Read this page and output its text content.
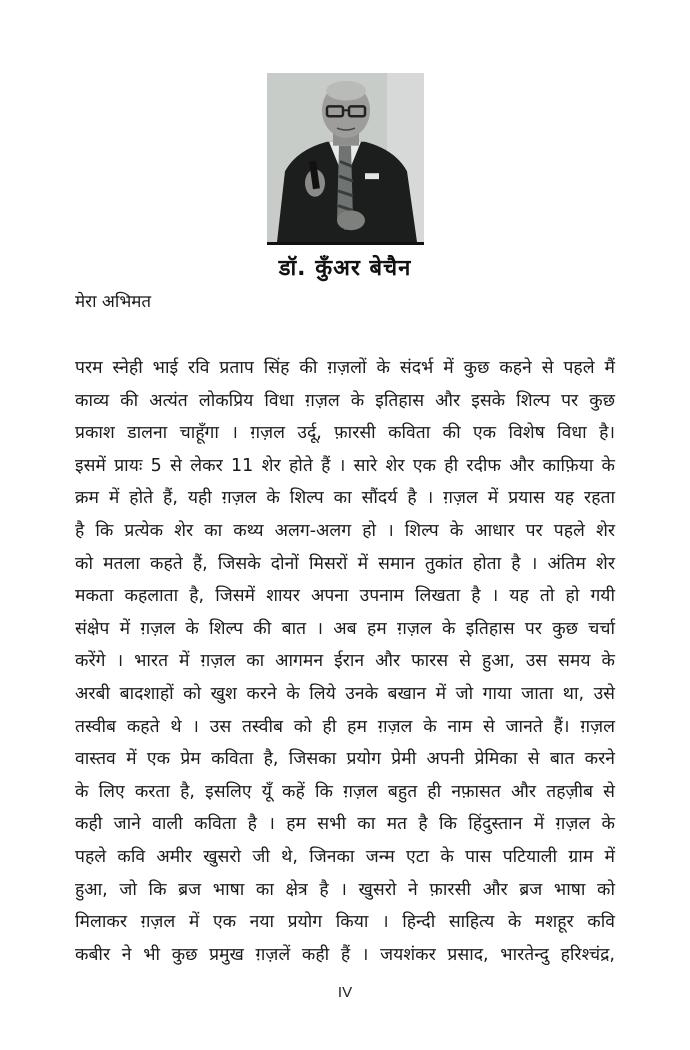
डॉ. कुँअर बेचैन
मेरा अभिमत
परम स्नेही भाई रवि प्रताप सिंह की ग़ज़लों के संदर्भ में कुछ कहने से पहले मैं
काव्य की अत्यंत लोकप्रिय विधा ग़ज़ल के इतिहास और इसके शिल्प पर कुछ
प्रकाश डालना चाहूँगा । ग़ज़ल उर्दू, फ़ारसी कविता की एक विशेष विधा है।
इसमें प्रायः 5 से लेकर 11 शेर होते हैं । सारे शेर एक ही रदीफ और काफ़िया के
क्रम में होते हैं, यही ग़ज़ल के शिल्प का सौंदर्य है । ग़ज़ल में प्रयास यह रहता
है कि प्रत्येक शेर का कथ्य अलग-अलग हो । शिल्प के आधार पर पहले शेर
को मतला कहते हैं, जिसके दोनों मिसरों में समान तुकांत होता है । अंतिम शेर
मकता कहलाता है, जिसमें शायर अपना उपनाम लिखता है । यह तो हो गयी
संक्षेप में ग़ज़ल के शिल्प की बात । अब हम ग़ज़ल के इतिहास पर कुछ चर्चा
करेंगे । भारत में ग़ज़ल का आगमन ईरान और फारस से हुआ, उस समय के
अरबी बादशाहों को खुश करने के लिये उनके बखान में जो गाया जाता था, उसे
तस्वीब कहते थे । उस तस्वीब को ही हम ग़ज़ल के नाम से जानते हैं। ग़ज़ल
वास्तव में एक प्रेम कविता है, जिसका प्रयोग प्रेमी अपनी प्रेमिका से बात करने
के लिए करता है, इसलिए यूँ कहें कि ग़ज़ल बहुत ही नफ़ासत और तहज़ीब से
कही जाने वाली कविता है । हम सभी का मत है कि हिंदुस्तान में ग़ज़ल के
पहले कवि अमीर खुसरो जी थे, जिनका जन्म एटा के पास पटियाली ग्राम में
हुआ, जो कि ब्रज भाषा का क्षेत्र है । खुसरो ने फ़ारसी और ब्रज भाषा को
मिलाकर ग़ज़ल में एक नया प्रयोग किया । हिन्दी साहित्य के मशहूर कवि
कबीर ने भी कुछ प्रमुख ग़ज़लें कही हैं । जयशंकर प्रसाद, भारतेन्दु हरिश्चंद्र,
IV
